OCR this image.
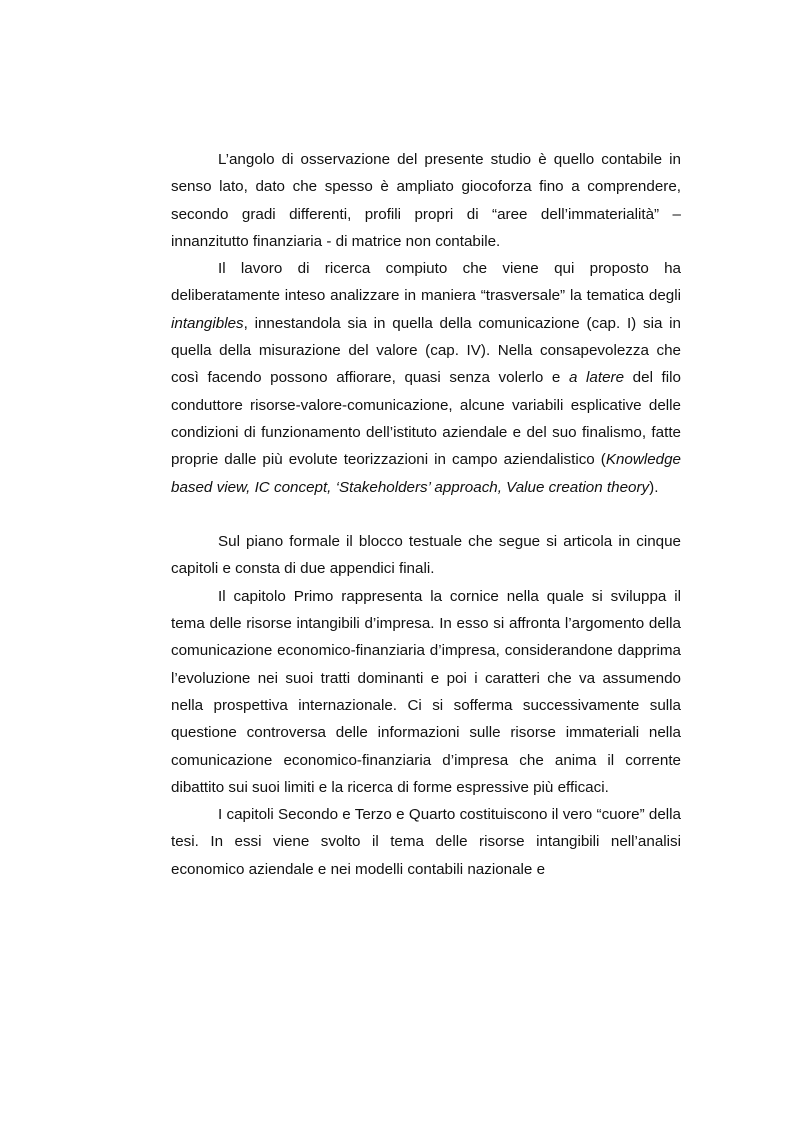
L’angolo di osservazione del presente studio è quello contabile in senso lato, dato che spesso è ampliato giocoforza fino a comprendere, secondo gradi differenti, profili propri di “aree dell’immaterialità” – innanzitutto finanziaria - di matrice non contabile.

Il lavoro di ricerca compiuto che viene qui proposto ha deliberatamente inteso analizzare in maniera “trasversale” la tematica degli intangibles, innestandola sia in quella della comunicazione (cap. I) sia in quella della misurazione del valore (cap. IV). Nella consapevolezza che così facendo possono affiorare, quasi senza volerlo e a latere del filo conduttore risorse-valore-comunicazione, alcune variabili esplicative delle condizioni di funzionamento dell’istituto aziendale e del suo finalismo, fatte proprie dalle più evolute teorizzazioni in campo aziendalistico (Knowledge based view, IC concept, ‘Stakeholders’ approach, Value creation theory).

Sul piano formale il blocco testuale che segue si articola in cinque capitoli e consta di due appendici finali.

Il capitolo Primo rappresenta la cornice nella quale si sviluppa il tema delle risorse intangibili d’impresa. In esso si affronta l’argomento della comunicazione economico-finanziaria d’impresa, considerandone dapprima l’evoluzione nei suoi tratti dominanti e poi i caratteri che va assumendo nella prospettiva internazionale. Ci si sofferma successivamente sulla questione controversa delle informazioni sulle risorse immateriali nella comunicazione economico-finanziaria d’impresa che anima il corrente dibattito sui suoi limiti e la ricerca di forme espressive più efficaci.

I capitoli Secondo e Terzo e Quarto costituiscono il vero “cuore” della tesi. In essi viene svolto il tema delle risorse intangibili nell’analisi economico aziendale e nei modelli contabili nazionale e
